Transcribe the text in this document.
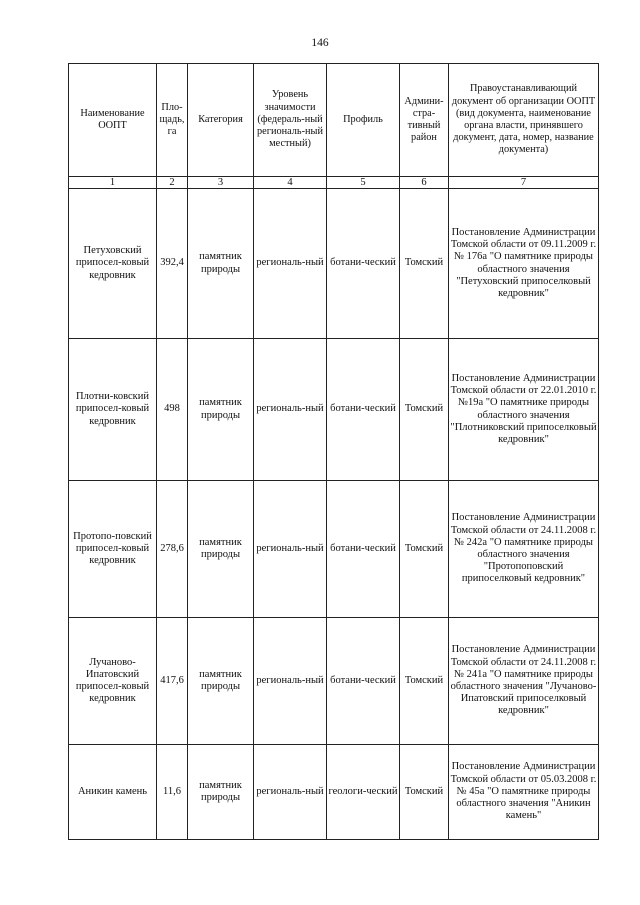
146
Наименование ООПТ	Пло-щадь, га	Категория	Уровень значимости (федераль-ный региональ-ный местный)	Профиль	Админи-стра-тивный район	Правоустанавливающий документ об организации ООПТ (вид документа, наименование органа власти, принявшего документ, дата, номер, название документа)
1	2	3	4	5	6	7
Петуховский припосел-ковый кедровник	392,4	памятник природы	региональ-ный	ботани-ческий	Томский	Постановление Администрации Томской области от 09.11.2009 г. № 176а "О памятнике природы областного значения "Петуховский припоселковый кедровник"
Плотни-ковский припосел-ковый кедровник	498	памятник природы	региональ-ный	ботани-ческий	Томский	Постановление Администрации Томской области от 22.01.2010 г. №19а "О памятнике природы областного значения "Плотниковский припоселковый кедровник"
Протопо-повский припосел-ковый кедровник	278,6	памятник природы	региональ-ный	ботани-ческий	Томский	Постановление Администрации Томской области от 24.11.2008 г. № 242а "О памятнике природы областного значения "Протопоповский припоселковый кедровник"
Лучаново-Ипатовский припосел-ковый кедровник	417,6	памятник природы	региональ-ный	ботани-ческий	Томский	Постановление Администрации Томской области от 24.11.2008 г. № 241а "О памятнике природы областного значения "Лучаново-Ипатовский припоселковый кедровник"
Аникин камень	11,6	памятник природы	региональ-ный	геологи-ческий	Томский	Постановление Администрации Томской области от 05.03.2008 г. № 45а "О памятнике природы областного значения "Аникин камень"
